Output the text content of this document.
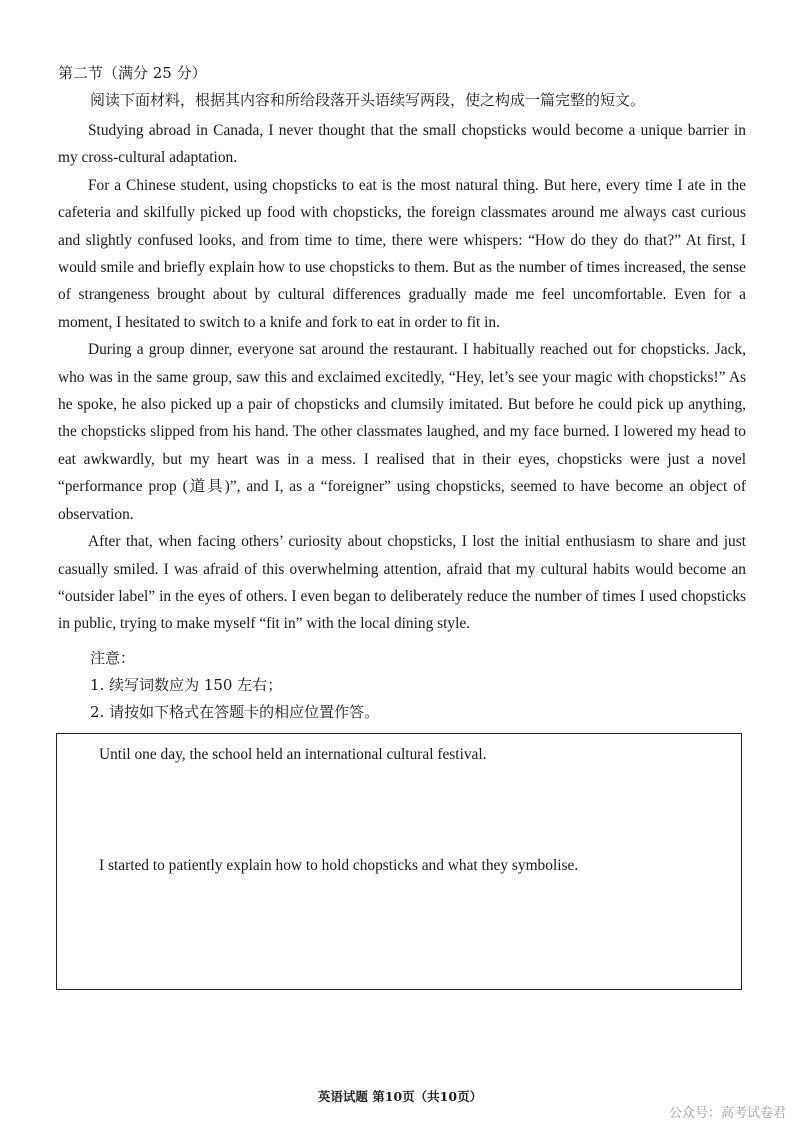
第二节（满分 25 分）
阅读下面材料，根据其内容和所给段落开头语续写两段，使之构成一篇完整的短文。

Studying abroad in Canada, I never thought that the small chopsticks would become a unique barrier in my cross-cultural adaptation.

For a Chinese student, using chopsticks to eat is the most natural thing. But here, every time I ate in the cafeteria and skilfully picked up food with chopsticks, the foreign classmates around me always cast curious and slightly confused looks, and from time to time, there were whispers: “How do they do that?” At first, I would smile and briefly explain how to use chopsticks to them. But as the number of times increased, the sense of strangeness brought about by cultural differences gradually made me feel uncomfortable. Even for a moment, I hesitated to switch to a knife and fork to eat in order to fit in.

During a group dinner, everyone sat around the restaurant. I habitually reached out for chopsticks. Jack, who was in the same group, saw this and exclaimed excitedly, “Hey, let’s see your magic with chopsticks!” As he spoke, he also picked up a pair of chopsticks and clumsily imitated. But before he could pick up anything, the chopsticks slipped from his hand. The other classmates laughed, and my face burned. I lowered my head to eat awkwardly, but my heart was in a mess. I realised that in their eyes, chopsticks were just a novel “performance prop (道具)”, and I, as a “foreigner” using chopsticks, seemed to have become an object of observation.

After that, when facing others’ curiosity about chopsticks, I lost the initial enthusiasm to share and just casually smiled. I was afraid of this overwhelming attention, afraid that my cultural habits would become an “outsider label” in the eyes of others. I even began to deliberately reduce the number of times I used chopsticks in public, trying to make myself “fit in” with the local dining style.

注意：
1. 续写词数应为 150 左右；
2. 请按如下格式在答题卡的相应位置作答。
Until one day, the school held an international cultural festival.
I started to patiently explain how to hold chopsticks and what they symbolise.
英语试题 第10页（共10页）
公众号：高考试卷君
